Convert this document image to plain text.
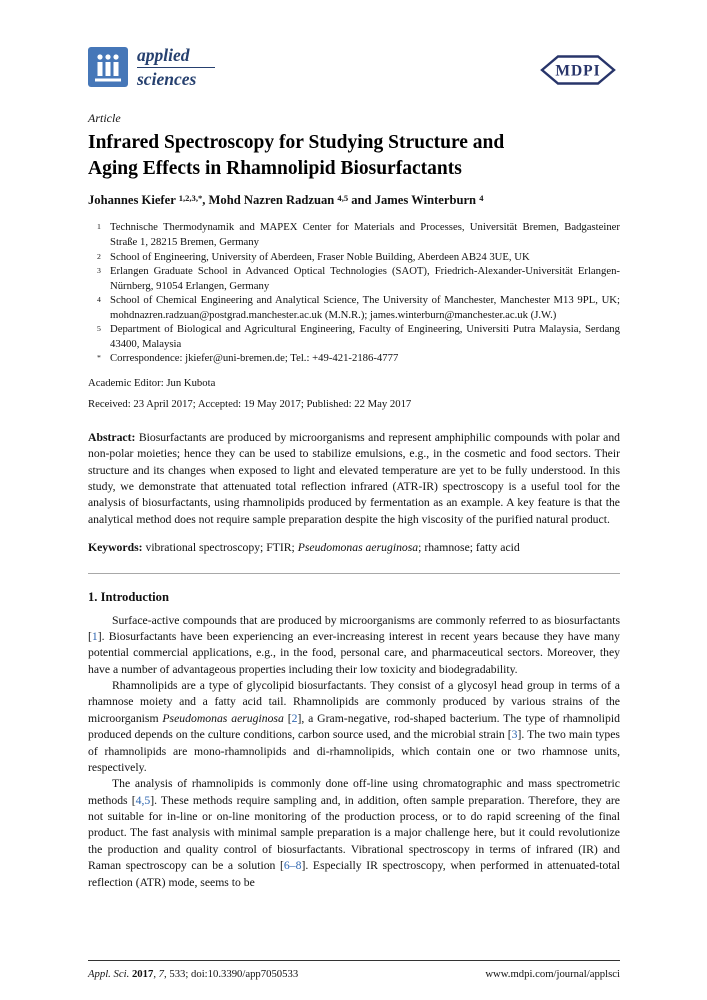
applied
sciences	MDPI
Article
Infrared Spectroscopy for Studying Structure and
Aging Effects in Rhamnolipid Biosurfactants
Johannes Kiefer $^{1,2,3,*}$, Mohd Nazren Radzuan $^{4,5}$ and James Winterburn $^4$
1 Technische Thermodynamik and MAPEX Center for Materials and Processes, Universität Bremen, Badgasteiner Straße 1, 28215 Bremen, Germany
2 School of Engineering, University of Aberdeen, Fraser Noble Building, Aberdeen AB24 3UE, UK
3 Erlangen Graduate School in Advanced Optical Technologies (SAOT), Friedrich-Alexander-Universität Erlangen-Nürnberg, 91054 Erlangen, Germany
4 School of Chemical Engineering and Analytical Science, The University of Manchester, Manchester M13 9PL, UK; mohdnazren.radzuan@postgrad.manchester.ac.uk (M.N.R.); james.winterburn@manchester.ac.uk (J.W.)
5 Department of Biological and Agricultural Engineering, Faculty of Engineering, Universiti Putra Malaysia, Serdang 43400, Malaysia
* Correspondence: jkiefer@uni-bremen.de; Tel.: +49-421-2186-4777
Academic Editor: Jun Kubota
Received: 23 April 2017; Accepted: 19 May 2017; Published: 22 May 2017

Abstract: Biosurfactants are produced by microorganisms and represent amphiphilic compounds with polar and non-polar moieties; hence they can be used to stabilize emulsions, e.g., in the cosmetic and food sectors. Their structure and its changes when exposed to light and elevated temperature are yet to be fully understood. In this study, we demonstrate that attenuated total reflection infrared (ATR-IR) spectroscopy is a useful tool for the analysis of biosurfactants, using rhamnolipids produced by fermentation as an example. A key feature is that the analytical method does not require sample preparation despite the high viscosity of the purified natural product.

Keywords: vibrational spectroscopy; FTIR; Pseudomonas aeruginosa; rhamnose; fatty acid

1. Introduction

Surface-active compounds that are produced by microorganisms are commonly referred to as biosurfactants [1]. Biosurfactants have been experiencing an ever-increasing interest in recent years because they have many potential commercial applications, e.g., in the food, personal care, and pharmaceutical sectors. Moreover, they have a number of advantageous properties including their low toxicity and biodegradability.

Rhamnolipids are a type of glycolipid biosurfactants. They consist of a glycosyl head group in terms of a rhamnose moiety and a fatty acid tail. Rhamnolipids are commonly produced by various strains of the microorganism Pseudomonas aeruginosa [2], a Gram-negative, rod-shaped bacterium. The type of rhamnolipid produced depends on the culture conditions, carbon source used, and the microbial strain [3]. The two main types of rhamnolipids are mono-rhamnolipids and di-rhamnolipids, which contain one or two rhamnose units, respectively.

The analysis of rhamnolipids is commonly done off-line using chromatographic and mass spectrometric methods [4,5]. These methods require sampling and, in addition, often sample preparation. Therefore, they are not suitable for in-line or on-line monitoring of the production process, or to do rapid screening of the final product. The fast analysis with minimal sample preparation is a major challenge here, but it could revolutionize the production and quality control of biosurfactants. Vibrational spectroscopy in terms of infrared (IR) and Raman spectroscopy can be a solution [6–8]. Especially IR spectroscopy, when performed in attenuated-total reflection (ATR) mode, seems to be

Appl. Sci. 2017, 7, 533; doi:10.3390/app7050533	www.mdpi.com/journal/applsci
